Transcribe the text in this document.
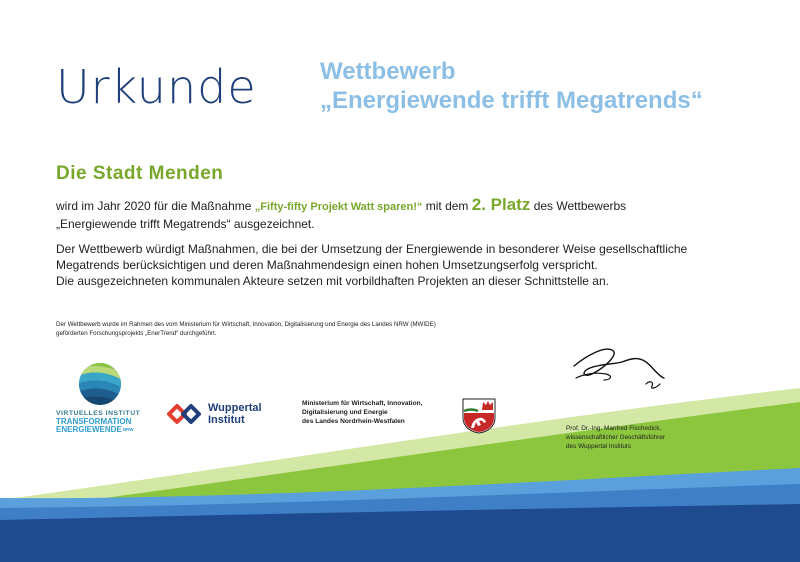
Urkunde	Wettbewerb
„Energiewende trifft Megatrends“
Die Stadt Menden
wird im Jahr 2020 für die Maßnahme „Fifty-fifty Projekt Watt sparen!“ mit dem 2. Platz des Wettbewerbs
„Energiewende trifft Megatrends“ ausgezeichnet.
Der Wettbewerb würdigt Maßnahmen, die bei der Umsetzung der Energiewende in besonderer Weise gesellschaftliche
Megatrends berücksichtigen und deren Maßnahmendesign einen hohen Umsetzungserfolg verspricht.
Die ausgezeichneten kommunalen Akteure setzen mit vorbildhaften Projekten an dieser Schnittstelle an.
Der Wettbewerb wurde im Rahmen des vom Ministerium für Wirtschaft, Innovation, Digitalisierung und Energie des Landes NRW (MWIDE)
geförderten Forschungsprojekts „EnerTrend“ durchgeführt.
VIRTUELLES INSTITUT
TRANSFORMATION
$ENERGIEWENDE^{NRW}$
Wuppertal
Institut
Ministerium für Wirtschaft, Innovation,
Digitalisierung und Energie
des Landes Nordrhein-Westfalen
Prof. Dr.-Ing. Manfred Fischedick,
wissenschaftlicher Geschäftsführer
des Wuppertal Instituts
